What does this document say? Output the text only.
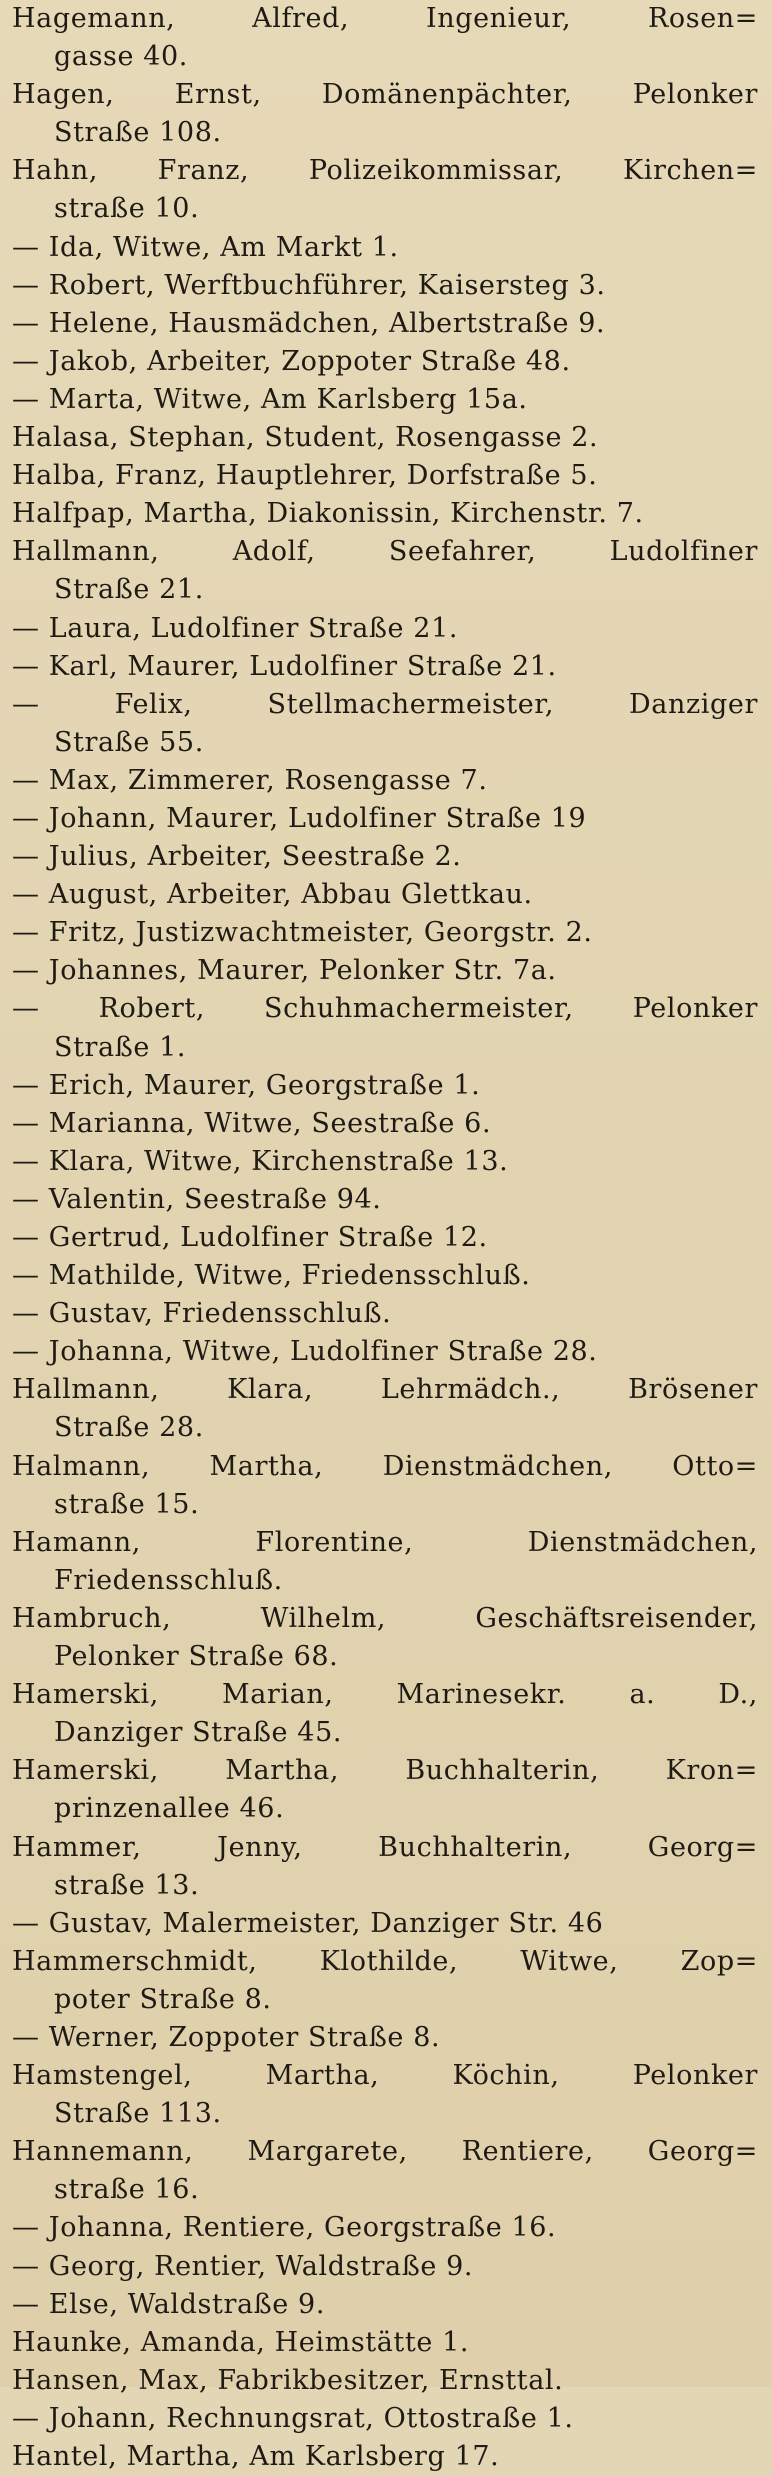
Hagemann, Alfred, Ingenieur, Rosen=
gasse 40.
Hagen, Ernst, Domänenpächter, Pelonker
Straße 108.
Hahn, Franz, Polizeikommissar, Kirchen=
straße 10.
— Ida, Witwe, Am Markt 1.
— Robert, Werftbuchführer, Kaisersteg 3.
— Helene, Hausmädchen, Albertstraße 9.
— Jakob, Arbeiter, Zoppoter Straße 48.
— Marta, Witwe, Am Karlsberg 15a.
Halasa, Stephan, Student, Rosengasse 2.
Halba, Franz, Hauptlehrer, Dorfstraße 5.
Halfpap, Martha, Diakonissin, Kirchenstr. 7.
Hallmann, Adolf, Seefahrer, Ludolfiner
Straße 21.
— Laura, Ludolfiner Straße 21.
— Karl, Maurer, Ludolfiner Straße 21.
— Felix, Stellmachermeister, Danziger
Straße 55.
— Max, Zimmerer, Rosengasse 7.
— Johann, Maurer, Ludolfiner Straße 19
— Julius, Arbeiter, Seestraße 2.
— August, Arbeiter, Abbau Glettkau.
— Fritz, Justizwachtmeister, Georgstr. 2.
— Johannes, Maurer, Pelonker Str. 7a.
— Robert, Schuhmachermeister, Pelonker
Straße 1.
— Erich, Maurer, Georgstraße 1.
— Marianna, Witwe, Seestraße 6.
— Klara, Witwe, Kirchenstraße 13.
— Valentin, Seestraße 94.
— Gertrud, Ludolfiner Straße 12.
— Mathilde, Witwe, Friedensschluß.
— Gustav, Friedensschluß.
— Johanna, Witwe, Ludolfiner Straße 28.
Hallmann, Klara, Lehrmädch., Brösener
Straße 28.
Halmann, Martha, Dienstmädchen, Otto=
straße 15.
Hamann, Florentine, Dienstmädchen,
Friedensschluß.
Hambruch, Wilhelm, Geschäftsreisender,
Pelonker Straße 68.
Hamerski, Marian, Marinesekr. a. D.,
Danziger Straße 45.
Hamerski, Martha, Buchhalterin, Kron=
prinzenallee 46.
Hammer, Jenny, Buchhalterin, Georg=
straße 13.
— Gustav, Malermeister, Danziger Str. 46
Hammerschmidt, Klothilde, Witwe, Zop=
poter Straße 8.
— Werner, Zoppoter Straße 8.
Hamstengel, Martha, Köchin, Pelonker
Straße 113.
Hannemann, Margarete, Rentiere, Georg=
straße 16.
— Johanna, Rentiere, Georgstraße 16.
— Georg, Rentier, Waldstraße 9.
— Else, Waldstraße 9.
Haunke, Amanda, Heimstätte 1.
Hansen, Max, Fabrikbesitzer, Ernsttal.
— Johann, Rechnungsrat, Ottostraße 1.
Hantel, Martha, Am Karlsberg 17.
